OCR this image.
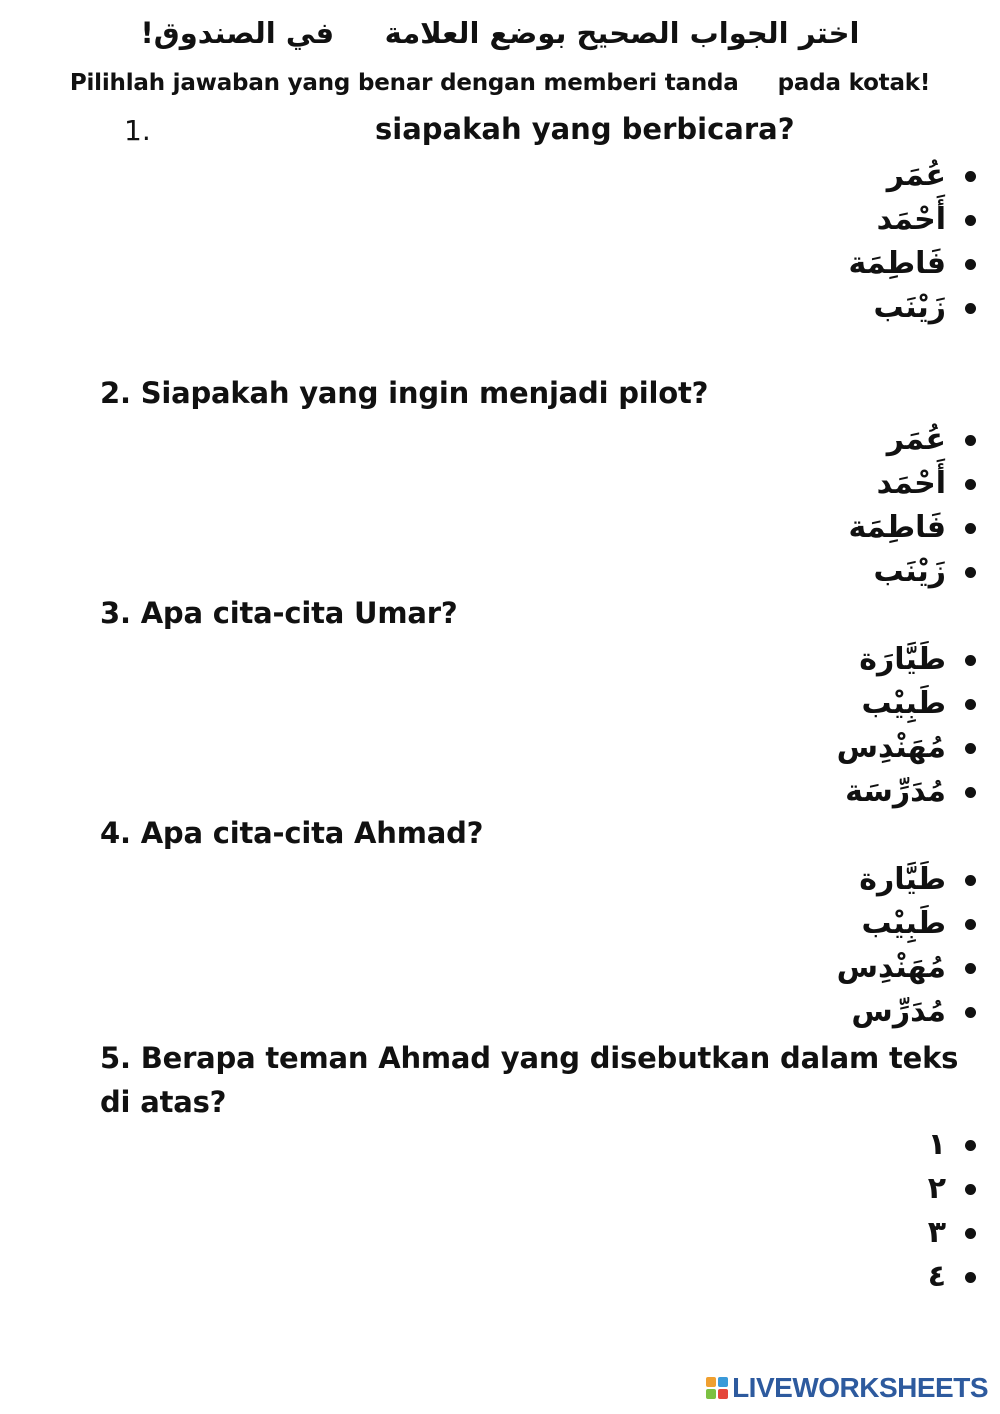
اختر الجواب الصحيح بوضع العلامة     في الصندوق!
Pilihlah jawaban yang benar dengan memberi tanda     pada kotak!
1.	siapakah yang berbicara?
عُمَر
أَحْمَد
فَاطِمَة
زَيْنَب
2. Siapakah yang ingin menjadi pilot?
عُمَر
أَحْمَد
فَاطِمَة
زَيْنَب
3. Apa cita-cita Umar?
طَيَّارَة
طَبِيْب
مُهَنْدِس
مُدَرِّسَة
4. Apa cita-cita Ahmad?
طَيَّارة
طَبِيْب
مُهَنْدِس
مُدَرِّس
5. Berapa teman Ahmad yang disebutkan dalam teks di atas?
١
٢
٣
٤
LIVEWORKSHEETS
